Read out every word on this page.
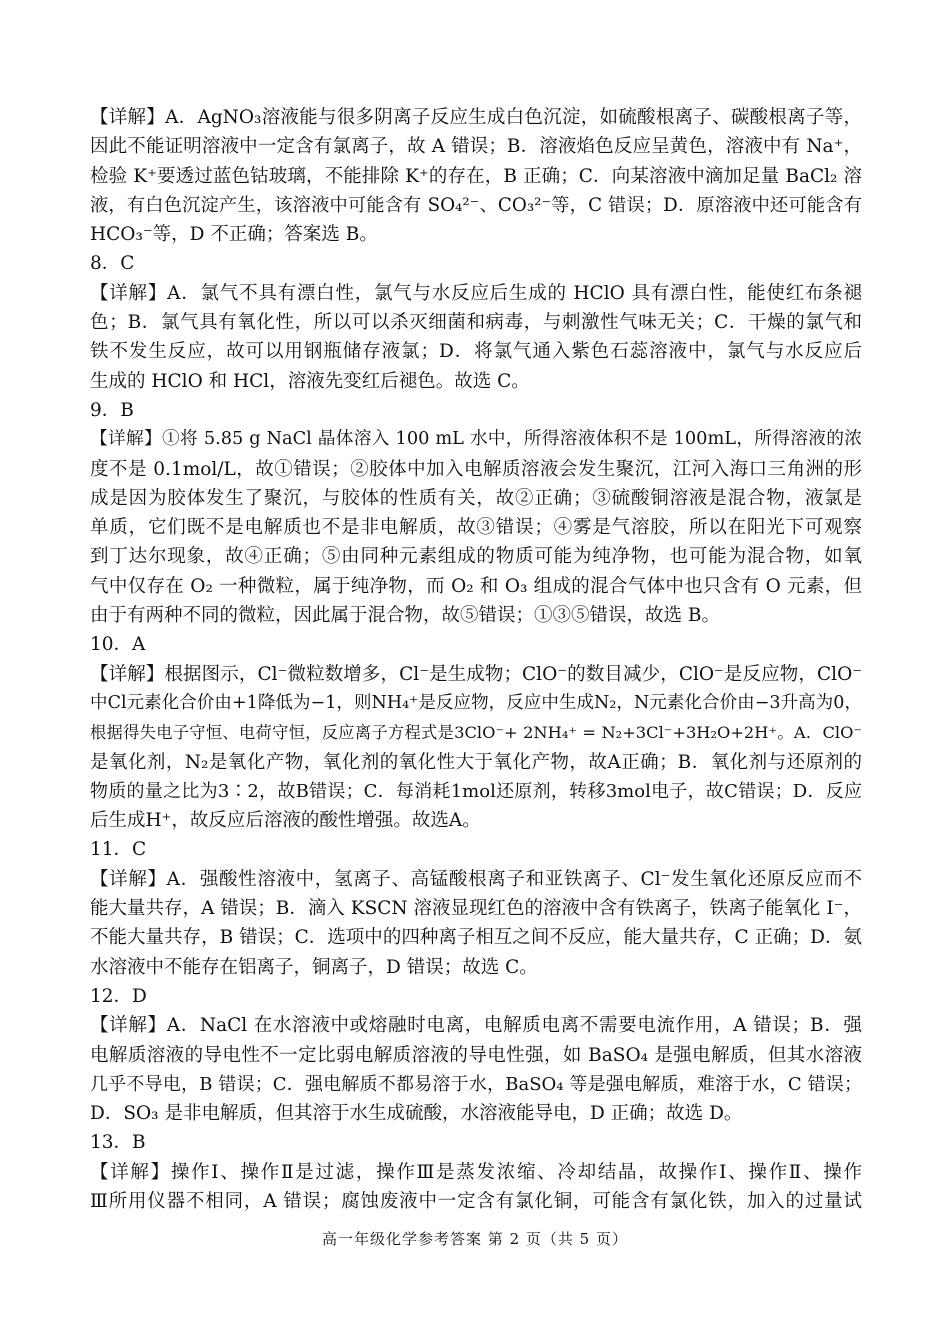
【详解】A．AgNO₃溶液能与很多阴离子反应生成白色沉淀，如硫酸根离子、碳酸根离子等，
因此不能证明溶液中一定含有氯离子，故 A 错误；B．溶液焰色反应呈黄色，溶液中有 Na⁺，
检验 K⁺要透过蓝色钴玻璃，不能排除 K⁺的存在，B 正确；C．向某溶液中滴加足量 BaCl₂ 溶
液，有白色沉淀产生，该溶液中可能含有 SO₄²⁻、CO₃²⁻等，C 错误；D．原溶液中还可能含有
HCO₃⁻等，D 不正确；答案选 B。
8．C
【详解】A．氯气不具有漂白性，氯气与水反应后生成的 HClO 具有漂白性，能使红布条褪
色；B．氯气具有氧化性，所以可以杀灭细菌和病毒，与刺激性气味无关；C．干燥的氯气和
铁不发生反应，故可以用钢瓶储存液氯；D．将氯气通入紫色石蕊溶液中，氯气与水反应后
生成的 HClO 和 HCl，溶液先变红后褪色。故选 C。
9．B
【详解】①将 5.85 g NaCl 晶体溶入 100 mL 水中，所得溶液体积不是 100mL，所得溶液的浓
度不是 0.1mol/L，故①错误；②胶体中加入电解质溶液会发生聚沉，江河入海口三角洲的形
成是因为胶体发生了聚沉，与胶体的性质有关，故②正确；③硫酸铜溶液是混合物，液氯是
单质，它们既不是电解质也不是非电解质，故③错误；④雾是气溶胶，所以在阳光下可观察
到丁达尔现象，故④正确；⑤由同种元素组成的物质可能为纯净物，也可能为混合物，如氧
气中仅存在 O₂ 一种微粒，属于纯净物，而 O₂ 和 O₃ 组成的混合气体中也只含有 O 元素，但
由于有两种不同的微粒，因此属于混合物，故⑤错误；①③⑤错误，故选 B。
10．A
【详解】根据图示，Cl⁻微粒数增多，Cl⁻是生成物；ClO⁻的数目减少，ClO⁻是反应物，ClO⁻
中Cl元素化合价由+1降低为−1，则NH₄⁺是反应物，反应中生成N₂，N元素化合价由−3升高为0，
根据得失电子守恒、电荷守恒，反应离子方程式是3ClO⁻+ 2NH₄⁺ = N₂+3Cl⁻+3H₂O+2H⁺。A．ClO⁻
是氧化剂，N₂是氧化产物，氧化剂的氧化性大于氧化产物，故A正确；B．氧化剂与还原剂的
物质的量之比为3∶2，故B错误；C．每消耗1mol还原剂，转移3mol电子，故C错误；D．反应
后生成H⁺，故反应后溶液的酸性增强。故选A。
11．C
【详解】A．强酸性溶液中，氢离子、高锰酸根离子和亚铁离子、Cl⁻发生氧化还原反应而不
能大量共存，A 错误；B．滴入 KSCN 溶液显现红色的溶液中含有铁离子，铁离子能氧化 I⁻，
不能大量共存，B 错误；C．选项中的四种离子相互之间不反应，能大量共存，C 正确；D．氨
水溶液中不能存在铝离子，铜离子，D 错误；故选 C。
12．D
【详解】A．NaCl 在水溶液中或熔融时电离，电解质电离不需要电流作用，A 错误；B．强
电解质溶液的导电性不一定比弱电解质溶液的导电性强，如 BaSO₄ 是强电解质，但其水溶液
几乎不导电，B 错误；C．强电解质不都易溶于水，BaSO₄ 等是强电解质，难溶于水，C 错误；
D．SO₃ 是非电解质，但其溶于水生成硫酸，水溶液能导电，D 正确；故选 D。
13．B
【详解】操作Ⅰ、操作Ⅱ是过滤，操作Ⅲ是蒸发浓缩、冷却结晶，故操作Ⅰ、操作Ⅱ、操作
Ⅲ所用仪器不相同，A 错误；腐蚀废液中一定含有氯化铜，可能含有氯化铁，加入的过量试
高一年级化学参考答案 第 2 页（共 5 页）
